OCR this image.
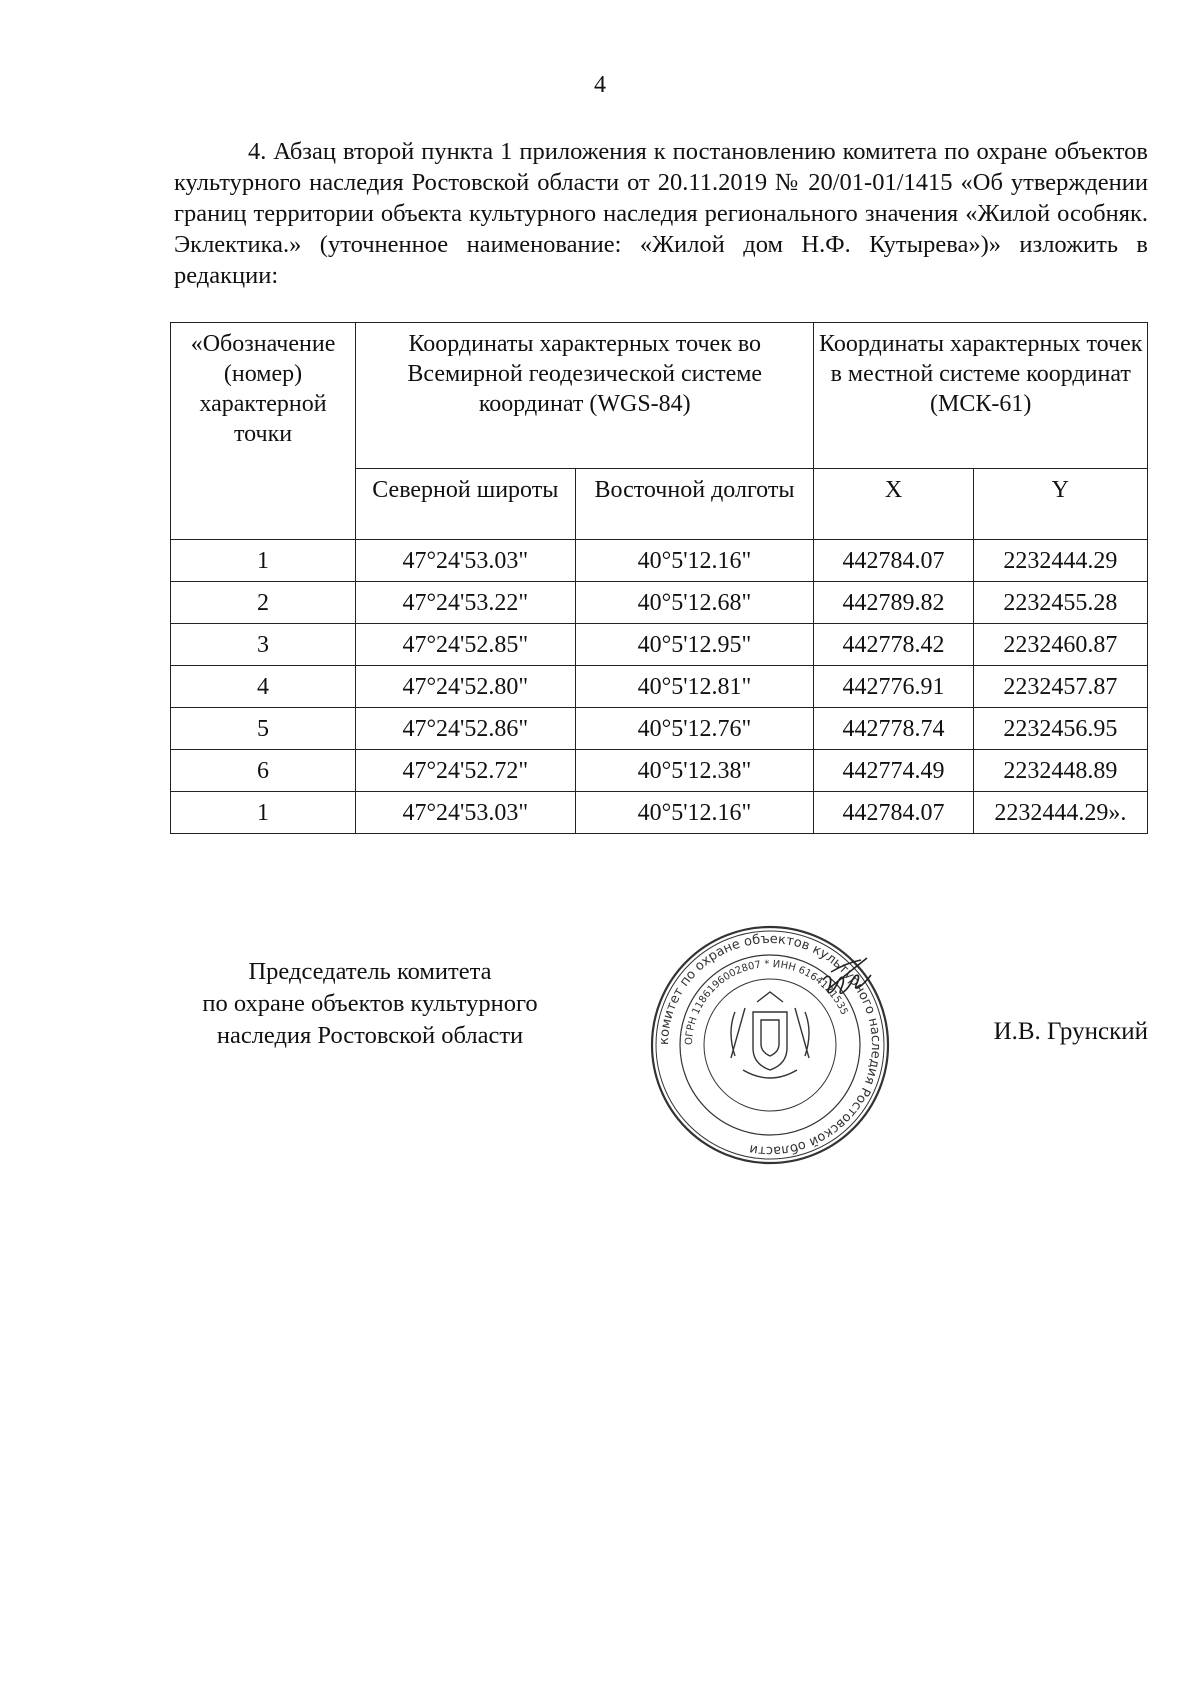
4
4. Абзац второй пункта 1 приложения к постановлению комитета по охране объектов культурного наследия Ростовской области от 20.11.2019 № 20/01-01/1415 «Об утверждении границ территории объекта культурного наследия регионального значения «Жилой особняк. Эклектика.» (уточненное наименование: «Жилой дом Н.Ф. Кутырева»)» изложить в редакции:
«Обозначение (номер) характерной точки	Координаты характерных точек во Всемирной геодезической системе координат (WGS-84)		Координаты характерных точек в местной системе координат (МСК-61)	
	Северной широты	Восточной долготы	X	Y
1	47°24'53.03"	40°5'12.16"	442784.07	2232444.29
2	47°24'53.22"	40°5'12.68"	442789.82	2232455.28
3	47°24'52.85"	40°5'12.95"	442778.42	2232460.87
4	47°24'52.80"	40°5'12.81"	442776.91	2232457.87
5	47°24'52.86"	40°5'12.76"	442778.74	2232456.95
6	47°24'52.72"	40°5'12.38"	442774.49	2232448.89
1	47°24'53.03"	40°5'12.16"	442784.07	2232444.29».
Председатель комитета
по охране объектов культурного
наследия Ростовской области	комитет по охране объектов культурного наследия Ростовской области
ОГРН 1186196002807 * ИНН 6164121535
И.В. Грунский
